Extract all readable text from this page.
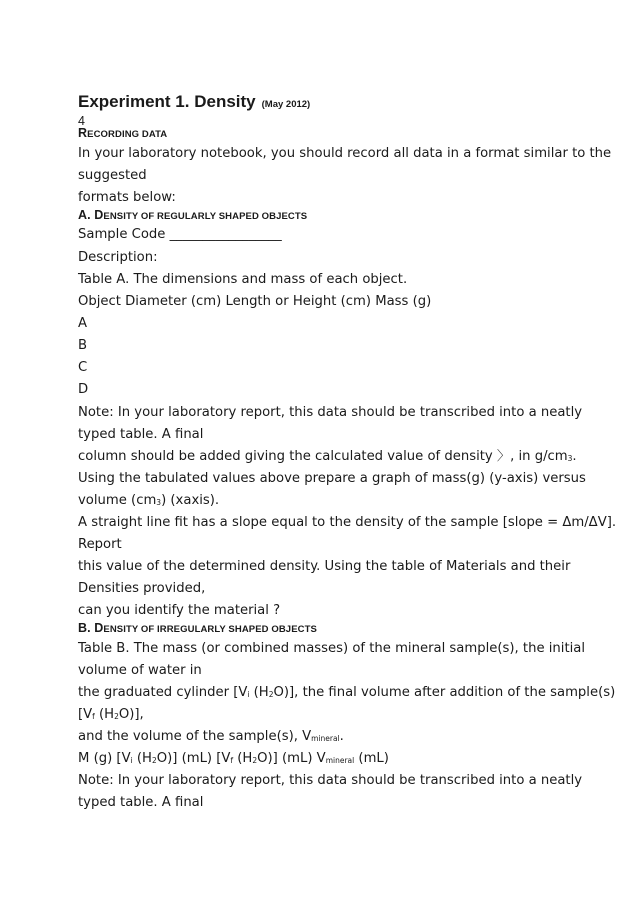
Experiment 1. Density (May 2012)
4
RECORDING DATA
In your laboratory notebook, you should record all data in a format similar to the
suggested
formats below:
A. DENSITY OF REGULARLY SHAPED OBJECTS
Sample Code _________________
Description:
Table A. The dimensions and mass of each object.
Object Diameter (cm) Length or Height (cm) Mass (g)
A
B
C
D
Note: In your laboratory report, this data should be transcribed into a neatly
typed table. A final
column should be added giving the calculated value of density 〉, in g/cm3.
Using the tabulated values above prepare a graph of mass(g) (y-axis) versus
volume (cm3) (xaxis).
A straight line fit has a slope equal to the density of the sample [slope = Δm/ΔV].
Report
this value of the determined density. Using the table of Materials and their
Densities provided,
can you identify the material ?
B. DENSITY OF IRREGULARLY SHAPED OBJECTS
Table B. The mass (or combined masses) of the mineral sample(s), the initial
volume of water in
the graduated cylinder [Vi (H2O)], the final volume after addition of the sample(s)
[Vf (H2O)],
and the volume of the sample(s), Vmineral.
M (g) [Vi (H2O)] (mL) [Vf (H2O)] (mL) Vmineral (mL)
Note: In your laboratory report, this data should be transcribed into a neatly
typed table. A final
